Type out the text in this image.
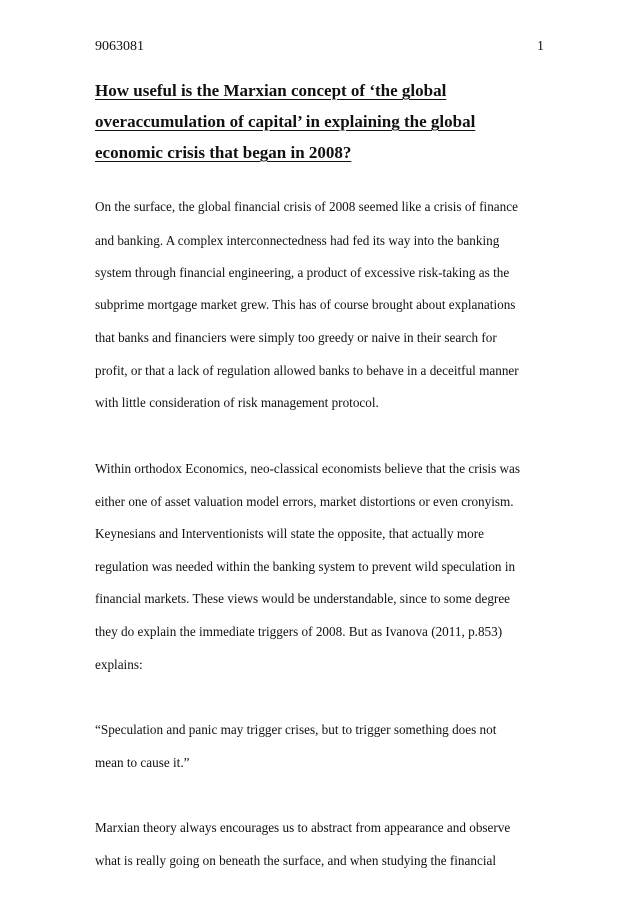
9063081	1
How useful is the Marxian concept of ‘the global
overaccumulation of capital’ in explaining the global
economic crisis that began in 2008?
On the surface, the global financial crisis of 2008 seemed like a crisis of finance
and banking. A complex interconnectedness had fed its way into the banking
system through financial engineering, a product of excessive risk-taking as the
subprime mortgage market grew. This has of course brought about explanations
that banks and financiers were simply too greedy or naive in their search for
profit, or that a lack of regulation allowed banks to behave in a deceitful manner
with little consideration of risk management protocol.
Within orthodox Economics, neo-classical economists believe that the crisis was
either one of asset valuation model errors, market distortions or even cronyism.
Keynesians and Interventionists will state the opposite, that actually more
regulation was needed within the banking system to prevent wild speculation in
financial markets. These views would be understandable, since to some degree
they do explain the immediate triggers of 2008. But as Ivanova (2011, p.853)
explains:
“Speculation and panic may trigger crises, but to trigger something does not
mean to cause it.”
Marxian theory always encourages us to abstract from appearance and observe
what is really going on beneath the surface, and when studying the financial
